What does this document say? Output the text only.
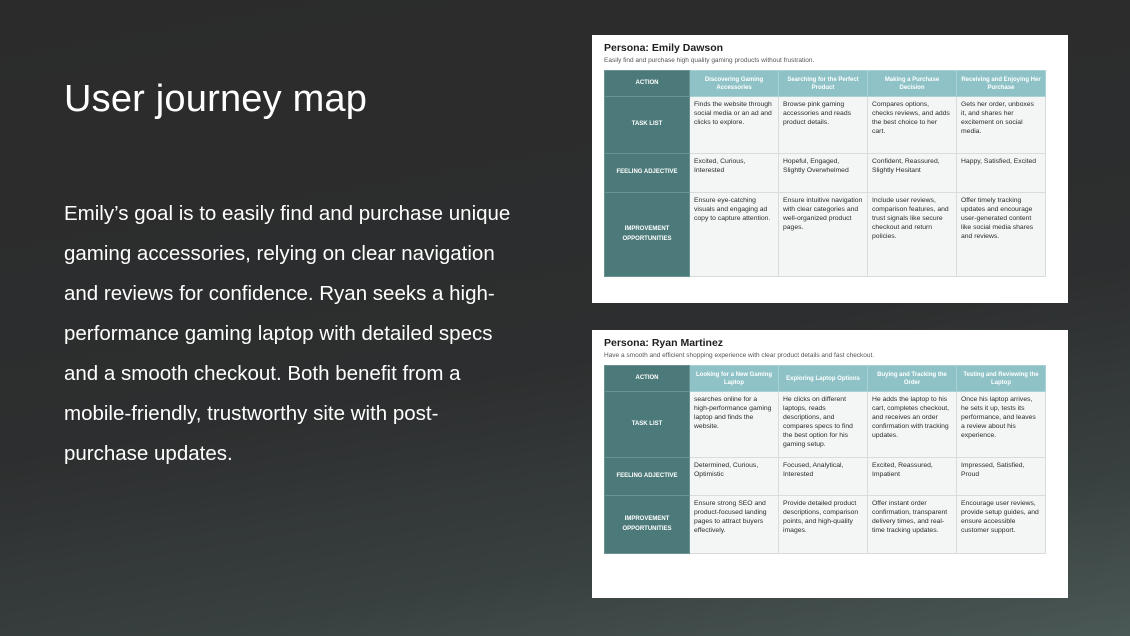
User journey map
Emily’s goal is to easily find and purchase unique gaming accessories, relying on clear navigation and reviews for confidence. Ryan seeks a high-performance gaming laptop with detailed specs and a smooth checkout. Both benefit from a mobile-friendly, trustworthy site with post-purchase updates.
Persona: Emily Dawson
Easily find and purchase high quality gaming products without frustration.
ACTION	Discovering Gaming Accessories	Searching for the Perfect Product	Making a Purchase Decision	Receiving and Enjoying Her Purchase
TASK LIST	Finds the website through social media or an ad and clicks to explore.	Browse pink gaming accessories and reads product details.	Compares options, checks reviews, and adds the best choice to her cart.	Gets her order, unboxes it, and shares her excitement on social media.
FEELING ADJECTIVE	Excited, Curious, Interested	Hopeful, Engaged, Slightly Overwhelmed	Confident, Reassured, Slightly Hesitant	Happy, Satisfied, Excited
IMPROVEMENT OPPORTUNITIES	Ensure eye-catching visuals and engaging ad copy to capture attention.	Ensure intuitive navigation with clear categories and well-organized product pages.	Include user reviews, comparison features, and trust signals like secure checkout and return policies.	Offer timely tracking updates and encourage user-generated content like social media shares and reviews.
Persona: Ryan Martinez
Have a smooth and efficient shopping experience with clear product details and fast checkout.
ACTION	Looking for a New Gaming Laptop	Exploring Laptop Options	Buying and Tracking the Order	Testing and Reviewing the Laptop
TASK LIST	searches online for a high-performance gaming laptop and finds the website.	He clicks on different laptops, reads descriptions, and compares specs to find the best option for his gaming setup.	He adds the laptop to his cart, completes checkout, and receives an order confirmation with tracking updates.	Once his laptop arrives, he sets it up, tests its performance, and leaves a review about his experience.
FEELING ADJECTIVE	Determined, Curious, Optimistic	Focused, Analytical, Interested	Excited, Reassured, Impatient	Impressed, Satisfied, Proud
IMPROVEMENT OPPORTUNITIES	Ensure strong SEO and product-focused landing pages to attract buyers effectively.	Provide detailed product descriptions, comparison points, and high-quality images.	Offer instant order confirmation, transparent delivery times, and real-time tracking updates.	Encourage user reviews, provide setup guides, and ensure accessible customer support.
